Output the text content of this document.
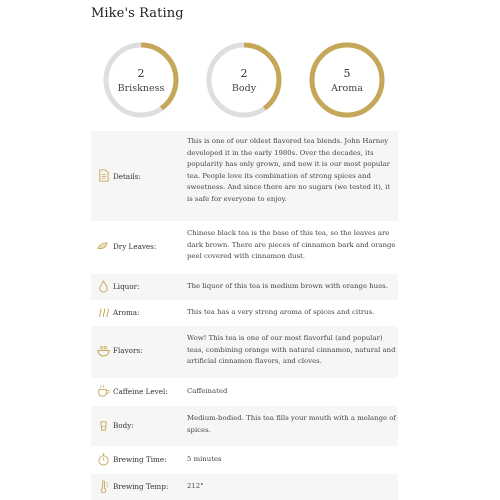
Mike's Rating
2
Briskness
2
Body
5
Aroma
Details:
This is one of our oldest flavored tea blends. John Harney developed it in the early 1980s. Over the decades, its popularity has only grown, and now it is our most popular tea. People love its combination of strong spices and sweetness. And since there are no sugars (we tested it), it is safe for everyone to enjoy.
Dry Leaves:
Chinese black tea is the base of this tea, so the leaves are dark brown. There are pieces of cinnamon bark and orange peel covered with cinnamon dust.
Liquor:	The liquor of this tea is medium brown with orange hues.
Aroma:	This tea has a very strong aroma of spices and citrus.
Flavors:
Wow! This tea is one of our most flavorful (and popular) teas, combining orange with natural cinnamon, natural and artificial cinnamon flavors, and cloves.
Caffeine Level:	Caffeinated
Body:
Medium-bodied. This tea fills your mouth with a melange of spices.
Brewing Time:	5 minutes
Brewing Temp:	212°
